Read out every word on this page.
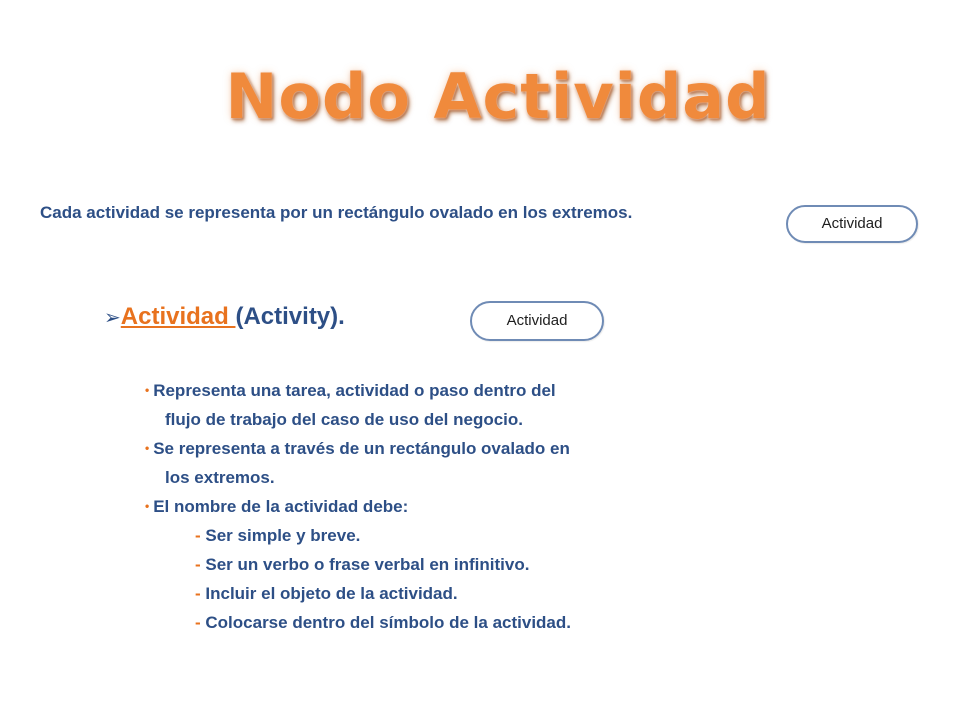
Nodo Actividad
Cada actividad se representa por un rectángulo ovalado en los extremos.
Actividad
➢Actividad (Activity).	Actividad
• Representa una tarea, actividad o paso dentro del
flujo de trabajo del caso de uso del negocio.
• Se representa a través de un rectángulo ovalado en
los extremos.
• El nombre de la actividad debe:
- Ser simple y breve.
- Ser un verbo o frase verbal en infinitivo.
- Incluir el objeto de la actividad.
- Colocarse dentro del símbolo de la actividad.
